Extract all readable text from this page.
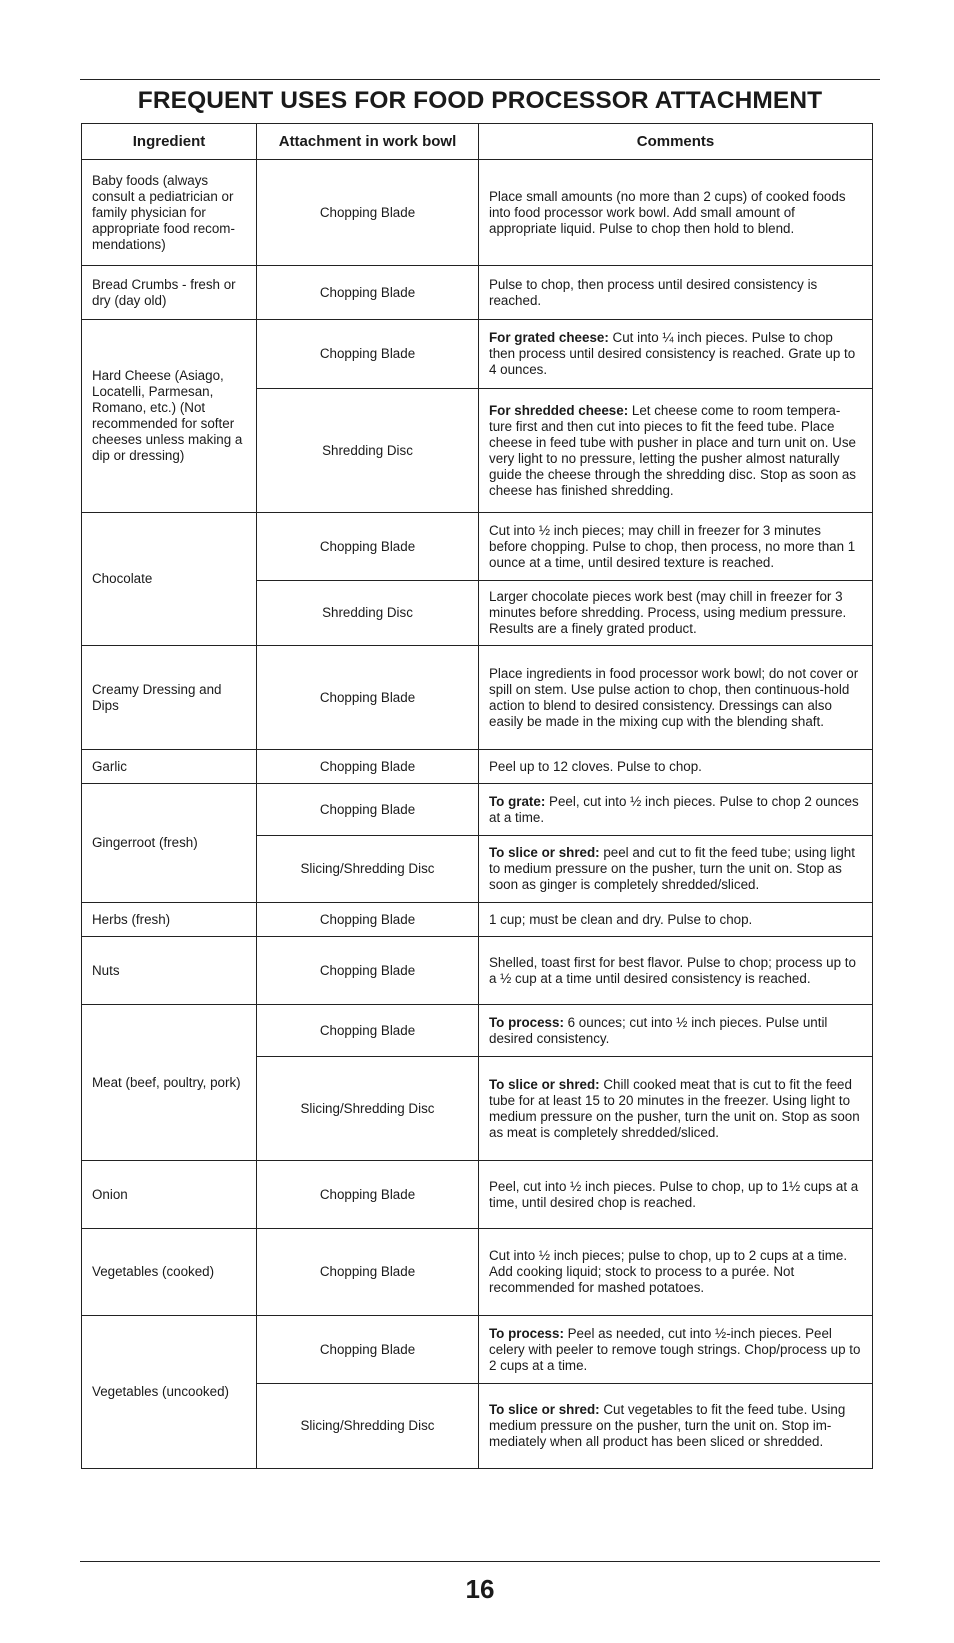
FREQUENT USES FOR FOOD PROCESSOR ATTACHMENT
Ingredient	Attachment in work bowl	Comments
Baby foods (always consult a pediatrician or family physician for appropriate food recom-mendations)	Chopping Blade	Place small amounts (no more than 2 cups) of cooked foods into food processor work bowl. Add small amount of appropriate liquid. Pulse to chop then hold to blend.
Bread Crumbs - fresh or dry (day old)	Chopping Blade	Pulse to chop, then process until desired consistency is reached.
Hard Cheese (Asiago, Locatelli, Parmesan, Romano, etc.) (Not recommended for softer cheeses unless making a dip or dressing)	Chopping Blade	For grated cheese: Cut into ¼ inch pieces. Pulse to chop then process until desired consistency is reached. Grate up to 4 ounces.
	Shredding Disc	For shredded cheese: Let cheese come to room tempera-ture first and then cut into pieces to fit the feed tube. Place cheese in feed tube with pusher in place and turn unit on. Use very light to no pressure, letting the pusher almost naturally guide the cheese through the shredding disc. Stop as soon as cheese has finished shredding.
Chocolate	Chopping Blade	Cut into ½ inch pieces; may chill in freezer for 3 minutes before chopping. Pulse to chop, then process, no more than 1 ounce at a time, until desired texture is reached.
	Shredding Disc	Larger chocolate pieces work best (may chill in freezer for 3 minutes before shredding. Process, using medium pressure. Results are a finely grated product.
Creamy Dressing and Dips	Chopping Blade	Place ingredients in food processor work bowl; do not cover or spill on stem. Use pulse action to chop, then continuous-hold action to blend to desired consistency. Dressings can also easily be made in the mixing cup with the blending shaft.
Garlic	Chopping Blade	Peel up to 12 cloves. Pulse to chop.
Gingerroot (fresh)	Chopping Blade	To grate: Peel, cut into ½ inch pieces. Pulse to chop 2 ounces at a time.
	Slicing/Shredding Disc	To slice or shred: peel and cut to fit the feed tube; using light to medium pressure on the pusher, turn the unit on. Stop as soon as ginger is completely shredded/sliced.
Herbs (fresh)	Chopping Blade	1 cup; must be clean and dry. Pulse to chop.
Nuts	Chopping Blade	Shelled, toast first for best flavor. Pulse to chop; process up to a ½ cup at a time until desired consistency is reached.
Meat (beef, poultry, pork)	Chopping Blade	To process: 6 ounces; cut into ½ inch pieces. Pulse until desired consistency.
	Slicing/Shredding Disc	To slice or shred: Chill cooked meat that is cut to fit the feed tube for at least 15 to 20 minutes in the freezer. Using light to medium pressure on the pusher, turn the unit on. Stop as soon as meat is completely shredded/sliced.
Onion	Chopping Blade	Peel, cut into ½ inch pieces. Pulse to chop, up to 1½ cups at a time, until desired chop is reached.
Vegetables (cooked)	Chopping Blade	Cut into ½ inch pieces; pulse to chop, up to 2 cups at a time. Add cooking liquid; stock to process to a purée. Not recommended for mashed potatoes.
Vegetables (uncooked)	Chopping Blade	To process: Peel as needed, cut into ½-inch pieces. Peel celery with peeler to remove tough strings. Chop/process up to 2 cups at a time.
	Slicing/Shredding Disc	To slice or shred: Cut vegetables to fit the feed tube. Using medium pressure on the pusher, turn the unit on. Stop im-mediately when all product has been sliced or shredded.
16
